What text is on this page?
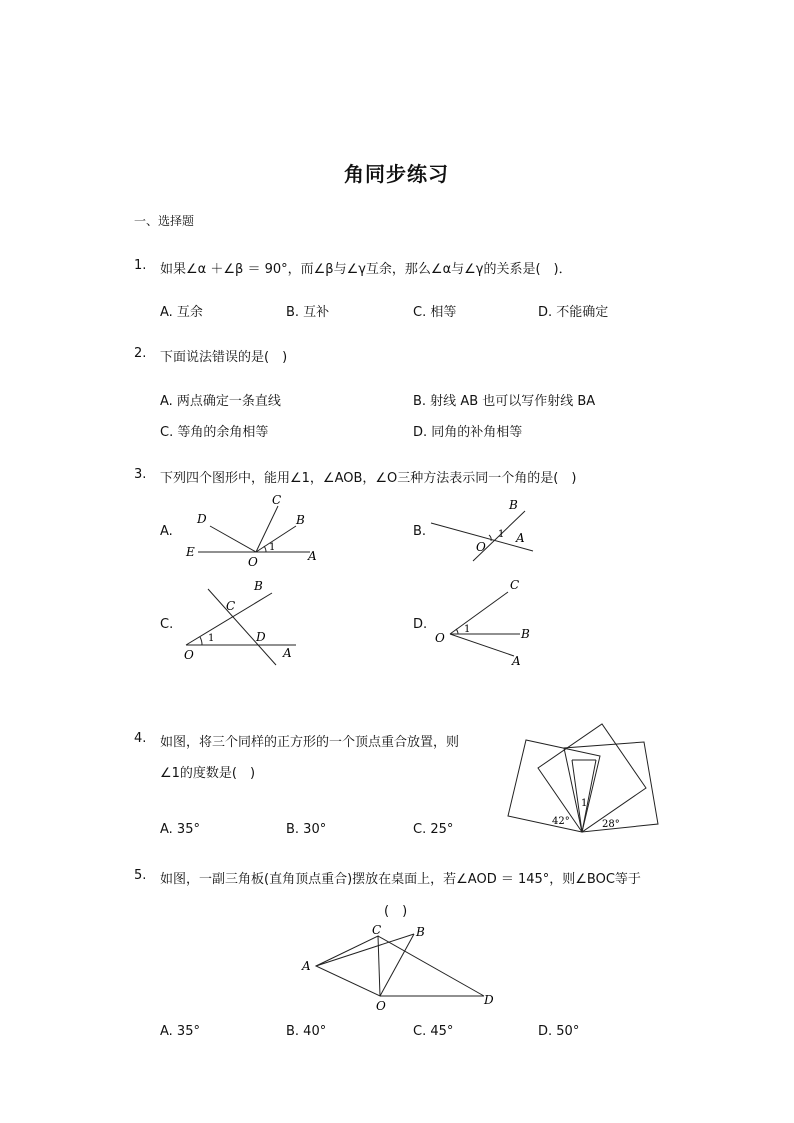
角同步练习
一、选择题
1. 如果∠α ＋∠β ＝ 90°，而∠β与∠γ互余，那么∠α与∠γ的关系是(　)．
A. 互余	B. 互补	C. 相等	D. 不能确定
2. 下面说法错误的是(　)
A. 两点确定一条直线	B. 射线 AB 也可以写作射线 BA
C. 等角的余角相等	D. 同角的补角相等
3. 下列四个图形中，能用∠1，∠AOB，∠O三种方法表示同一个角的是(　)
A.
D
C
B
E
O	A
1
B.
B
O
A
1
C.
B
C
D
O	A
1
D.
C
O	B
A
1
4. 如图，将三个同样的正方形的一个顶点重合放置，则
∠1的度数是(　)
A. 35°	B. 30°	C. 25°
1
42°	28°
5. 如图，一副三角板(直角顶点重合)摆放在桌面上，若∠AOD ＝ 145°，则∠BOC等于
(　)
C	B
A
O	D
A. 35°	B. 40°	C. 45°	D. 50°
